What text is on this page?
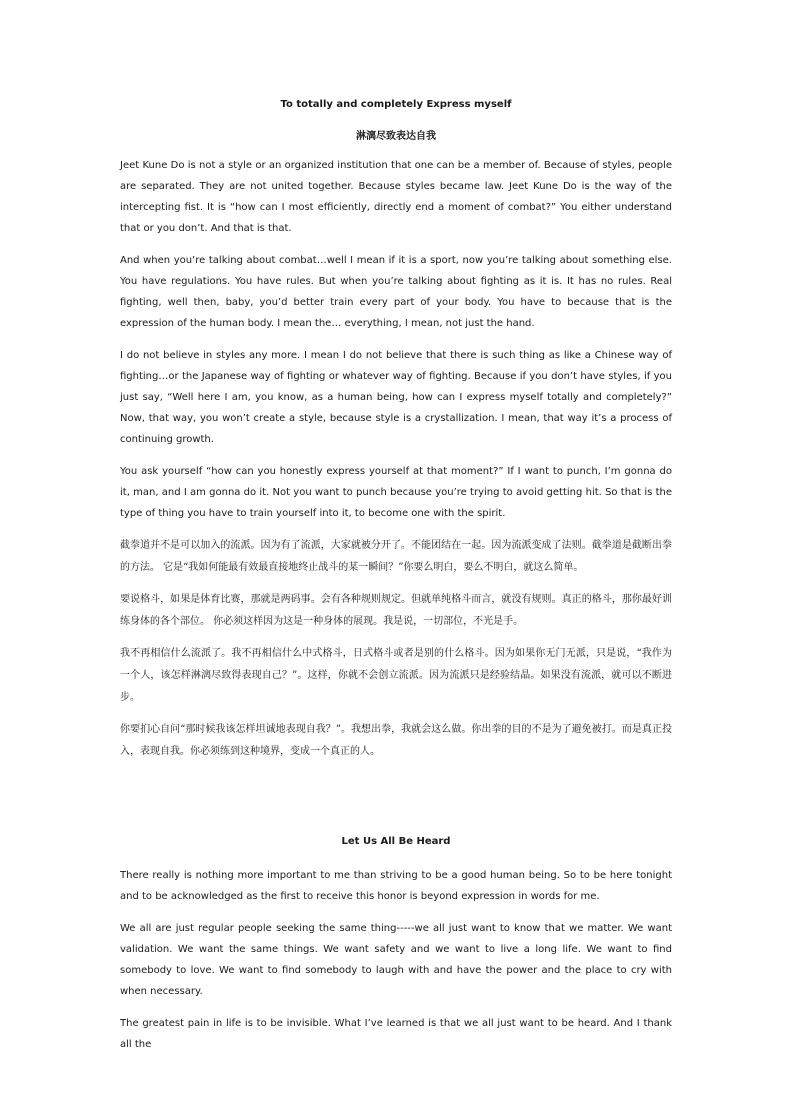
To totally and completely Express myself
淋漓尽致表达自我

Jeet Kune Do is not a style or an organized institution that one can be a member of. Because of styles, people are separated. They are not united together. Because styles became law. Jeet Kune Do is the way of the intercepting fist. It is “how can I most efficiently, directly end a moment of combat?” You either understand that or you don’t. And that is that.

And when you’re talking about combat…well I mean if it is a sport, now you’re talking about something else. You have regulations. You have rules. But when you’re talking about fighting as it is. It has no rules. Real fighting, well then, baby, you’d better train every part of your body. You have to because that is the expression of the human body. I mean the… everything, I mean, not just the hand.

I do not believe in styles any more. I mean I do not believe that there is such thing as like a Chinese way of fighting…or the Japanese way of fighting or whatever way of fighting. Because if you don’t have styles, if you just say, “Well here I am, you know, as a human being, how can I express myself totally and completely?” Now, that way, you won’t create a style, because style is a crystallization. I mean, that way it’s a process of continuing growth.

You ask yourself “how can you honestly express yourself at that moment?” If I want to punch, I’m gonna do it, man, and I am gonna do it. Not you want to punch because you’re trying to avoid getting hit. So that is the type of thing you have to train yourself into it, to become one with the spirit.

截拳道并不是可以加入的流派。因为有了流派，大家就被分开了。不能团结在一起。因为流派变成了法则。截拳道是截断出拳的方法。 它是“我如何能最有效最直接地终止战斗的某一瞬间？”你要么明白，要么不明白，就这么简单。

要说格斗，如果是体育比赛，那就是两码事。会有各种规则规定。但就单纯格斗而言，就没有规则。真正的格斗，那你最好训练身体的各个部位。 你必须这样因为这是一种身体的展现。我是说，一切部位，不光是手。

我不再相信什么流派了。我不再相信什么中式格斗，日式格斗或者是别的什么格斗。因为如果你无门无派，只是说，“我作为一个人，该怎样淋漓尽致得表现自己？”。这样，你就不会创立流派。因为流派只是经验结晶。如果没有流派，就可以不断进步。

你要扪心自问“那时候我该怎样坦诚地表现自我？”。我想出拳，我就会这么做。你出拳的目的不是为了避免被打。而是真正投入，表现自我。你必须练到这种境界，变成一个真正的人。

Let Us All Be Heard

There really is nothing more important to me than striving to be a good human being. So to be here tonight and to be acknowledged as the first to receive this honor is beyond expression in words for me.

We all are just regular people seeking the same thing-----we all just want to know that we matter. We want validation. We want the same things. We want safety and we want to live a long life. We want to find somebody to love. We want to find somebody to laugh with and have the power and the place to cry with when necessary.

The greatest pain in life is to be invisible. What I’ve learned is that we all just want to be heard. And I thank all the
